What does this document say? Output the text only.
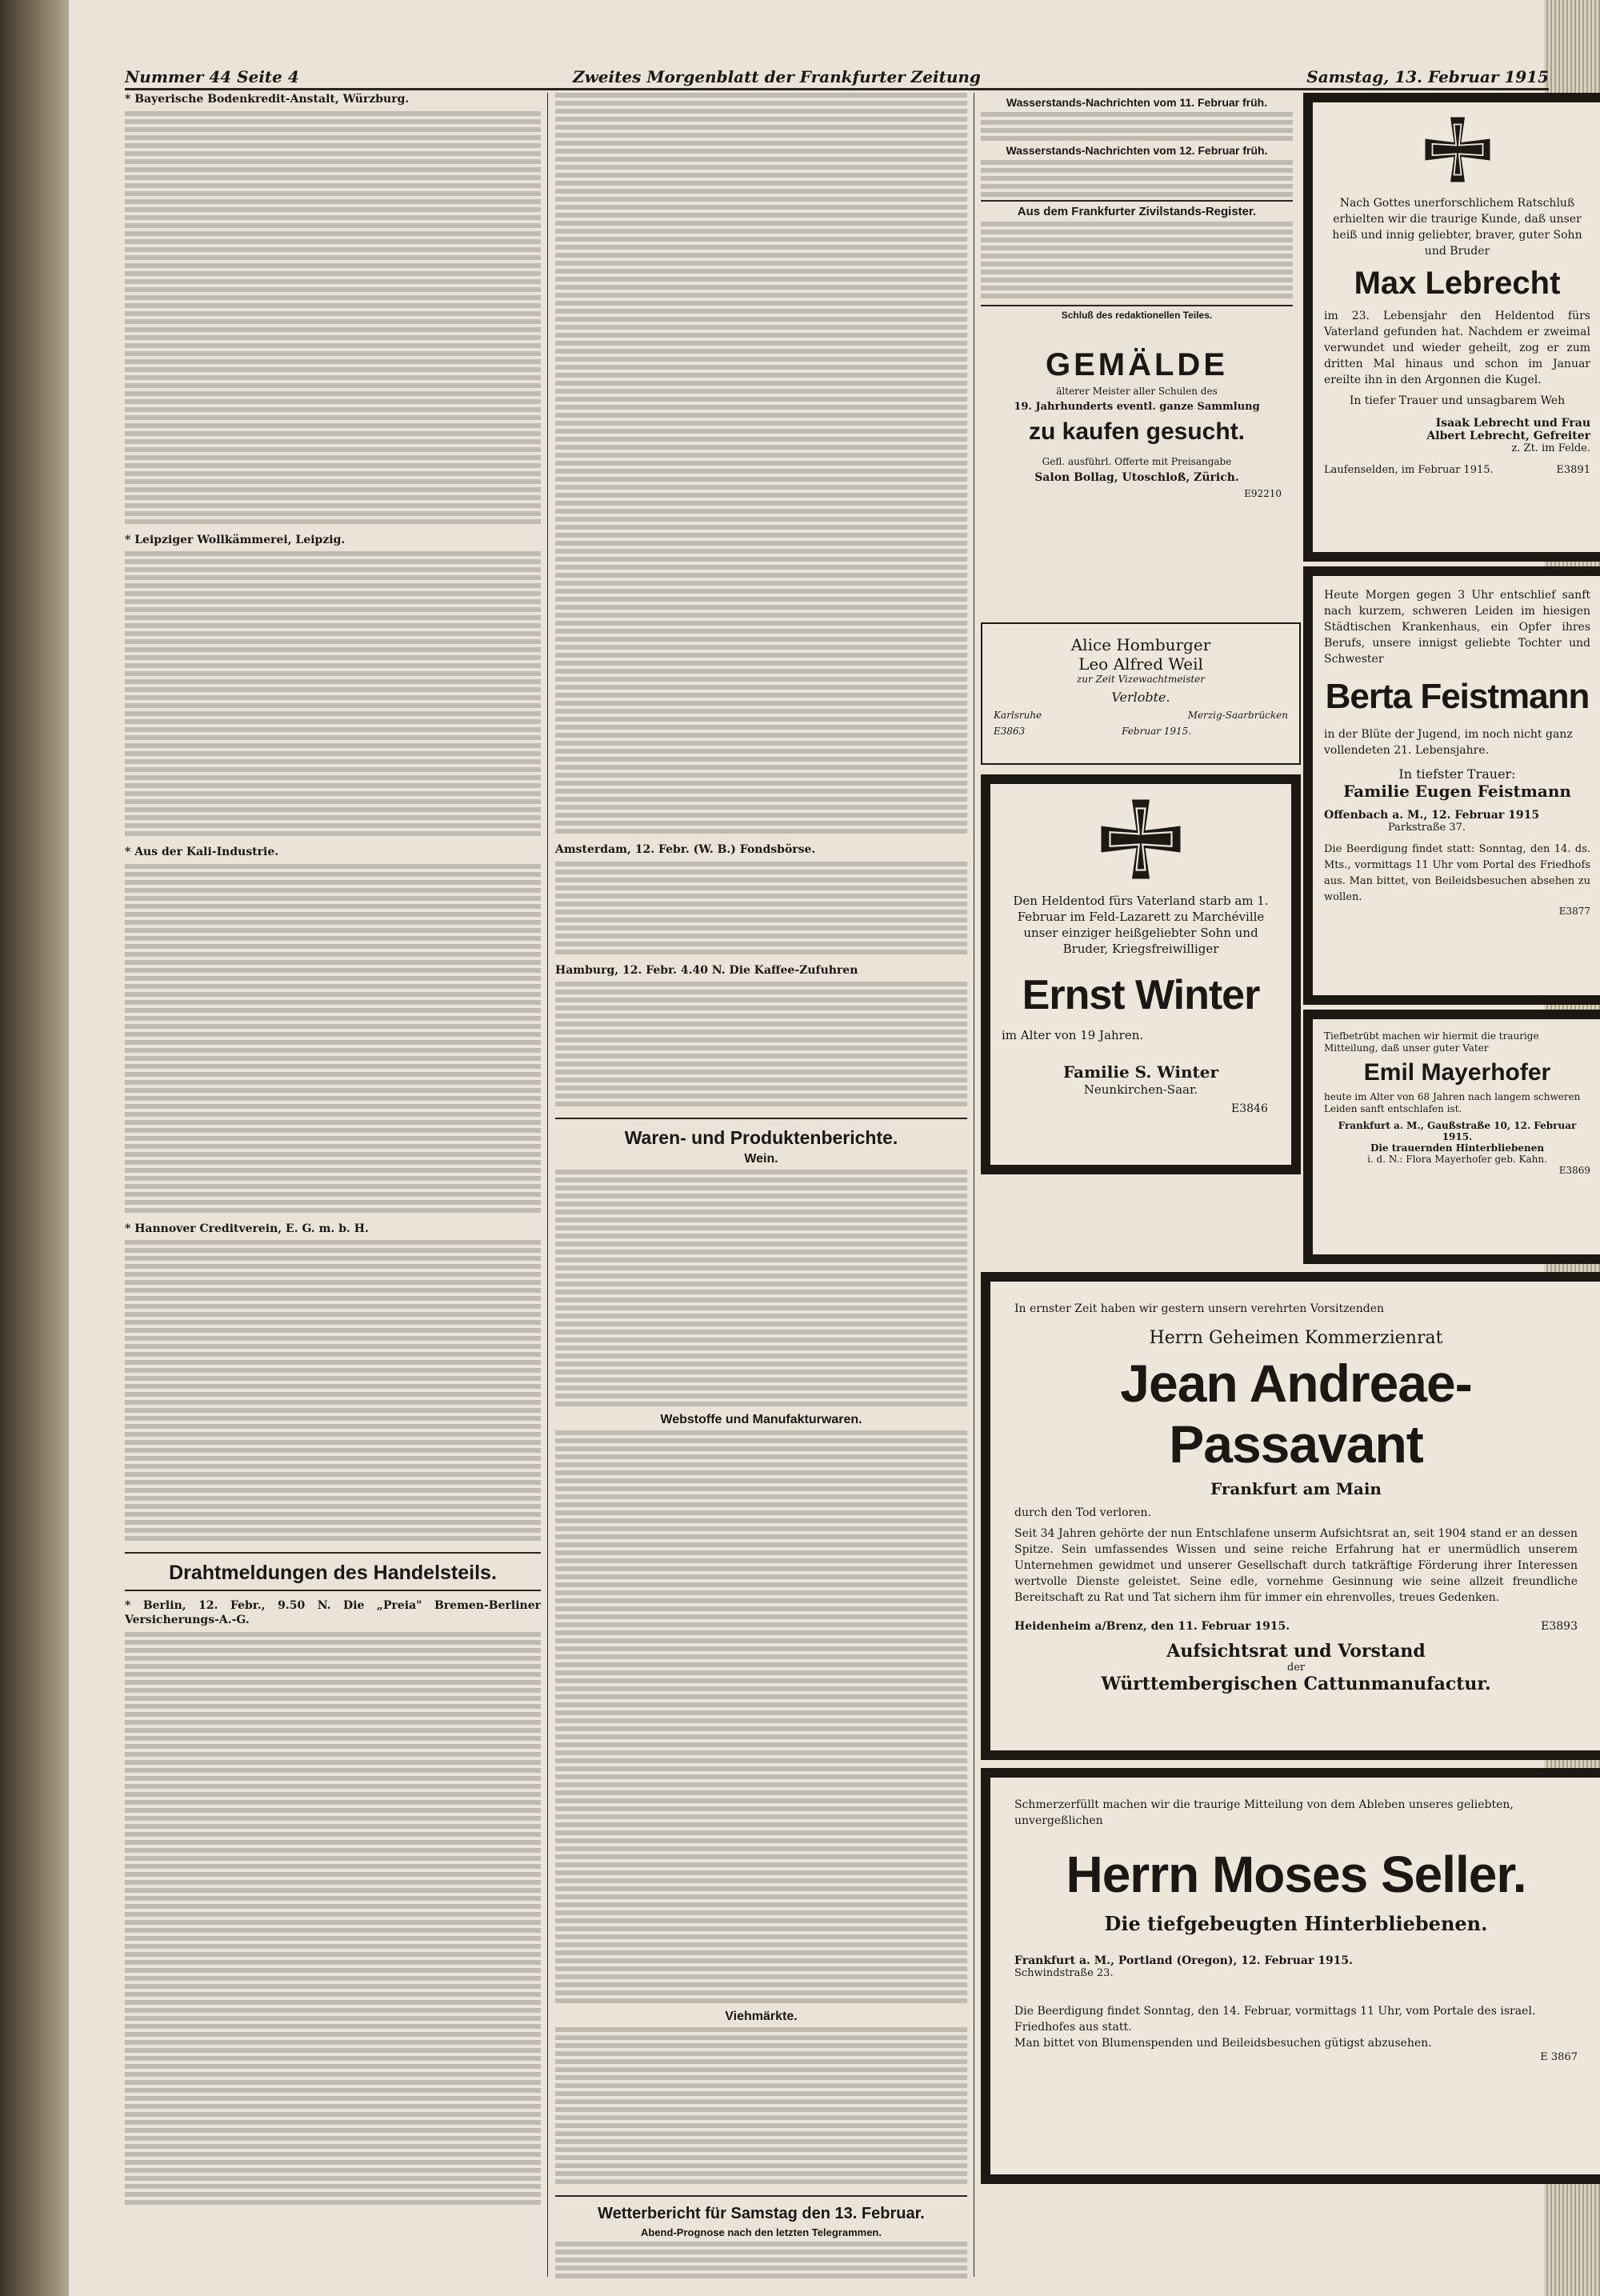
Nummer 44 Seite 4	Zweites Morgenblatt der Frankfurter Zeitung	Samstag, 13. Februar 1915

* Bayerische Bodenkredit-Anstalt, Würzburg.

* Leipziger Wollkämmerei, Leipzig.

* Aus der Kali-Industrie.

* Hannover Creditverein, E. G. m. b. H.

Drahtmeldungen des Handelsteils.

* Berlin, 12. Febr., 9.50 N. Die „Preia" Bremen-Berliner Versicherungs-A.-G.

Amsterdam, 12. Febr. (W. B.) Fondsbörse.

Hamburg, 12. Febr. 4.40 N. Die Kaffee-Zufuhren

Waren- und Produktenberichte.
Wein.
Webstoffe und Manufakturwaren.
Viehmärkte.
Wetterbericht für Samstag den 13. Februar.
Abend-Prognose nach den letzten Telegrammen.
Wasserstands-Nachrichten vom 11. Februar früh.
Wasserstands-Nachrichten vom 12. Februar früh.
Aus dem Frankfurter Zivilstands-Register.
Schluß des redaktionellen Teiles.
GEMÄLDE
älterer Meister aller Schulen des
19. Jahrhunderts eventl. ganze Sammlung
zu kaufen gesucht.
Gefl. ausführl. Offerte mit Preisangabe
Salon Bollag, Utoschloß, Zürich.
E92210
Alice Homburger
Leo Alfred Weil
zur Zeit Vizewachtmeister
Verlobte.
Karlsruhe	Merzig-Saarbrücken
E3863	Februar 1915.
Den Heldentod fürs Vaterland starb am 1. Februar im Feld-Lazarett zu Marchéville unser einziger heißgeliebter Sohn und Bruder, Kriegsfreiwilliger
Ernst Winter
im Alter von 19 Jahren.
Familie S. Winter
Neunkirchen-Saar.
E3846
Nach Gottes unerforschlichem Ratschluß erhielten wir die traurige Kunde, daß unser heiß und innig geliebter, braver, guter Sohn und Bruder
Max Lebrecht
im 23. Lebensjahr den Heldentod fürs Vaterland gefunden hat. Nachdem er zweimal verwundet und wieder geheilt, zog er zum dritten Mal hinaus und schon im Januar ereilte ihn in den Argonnen die Kugel.
In tiefer Trauer und unsagbarem Weh
Isaak Lebrecht und Frau
Albert Lebrecht, Gefreiter
z. Zt. im Felde.
Laufenselden, im Februar 1915.	E3891
Heute Morgen gegen 3 Uhr entschlief sanft nach kurzem, schweren Leiden im hiesigen Städtischen Krankenhaus, ein Opfer ihres Berufs, unsere innigst geliebte Tochter und Schwester
Berta Feistmann
in der Blüte der Jugend, im noch nicht ganz vollendeten 21. Lebensjahre.
In tiefster Trauer:
Familie Eugen Feistmann
Offenbach a. M., 12. Februar 1915
Parkstraße 37.
Die Beerdigung findet statt: Sonntag, den 14. ds. Mts., vormittags 11 Uhr vom Portal des Friedhofs aus. Man bittet, von Beileidsbesuchen absehen zu wollen.
E3877
Tiefbetrübt machen wir hiermit die traurige Mitteilung, daß unser guter Vater
Emil Mayerhofer
heute im Alter von 68 Jahren nach langem schweren Leiden sanft entschlafen ist.
Frankfurt a. M., Gaußstraße 10, 12. Februar 1915.
Die trauernden Hinterbliebenen
i. d. N.: Flora Mayerhofer geb. Kahn.
E3869
In ernster Zeit haben wir gestern unsern verehrten Vorsitzenden
Herrn Geheimen Kommerzienrat
Jean Andreae-Passavant
Frankfurt am Main
durch den Tod verloren.
Seit 34 Jahren gehörte der nun Entschlafene unserm Aufsichtsrat an, seit 1904 stand er an dessen Spitze. Sein umfassendes Wissen und seine reiche Erfahrung hat er unermüdlich unserem Unternehmen gewidmet und unserer Gesellschaft durch tatkräftige Förderung ihrer Interessen wertvolle Dienste geleistet. Seine edle, vornehme Gesinnung wie seine allzeit freundliche Bereitschaft zu Rat und Tat sichern ihm für immer ein ehrenvolles, treues Gedenken.
Heidenheim a/Brenz, den 11. Februar 1915.	E3893
Aufsichtsrat und Vorstand
der
Württembergischen Cattunmanufactur.
Schmerzerfüllt machen wir die traurige Mitteilung von dem Ableben unseres geliebten, unvergeßlichen
Herrn Moses Seller.
Die tiefgebeugten Hinterbliebenen.
Frankfurt a. M., Portland (Oregon), 12. Februar 1915.
Schwindstraße 23.
Die Beerdigung findet Sonntag, den 14. Februar, vormittags 11 Uhr, vom Portale des israel. Friedhofes aus statt.
Man bittet von Blumenspenden und Beileidsbesuchen gütigst abzusehen.
E 3867
